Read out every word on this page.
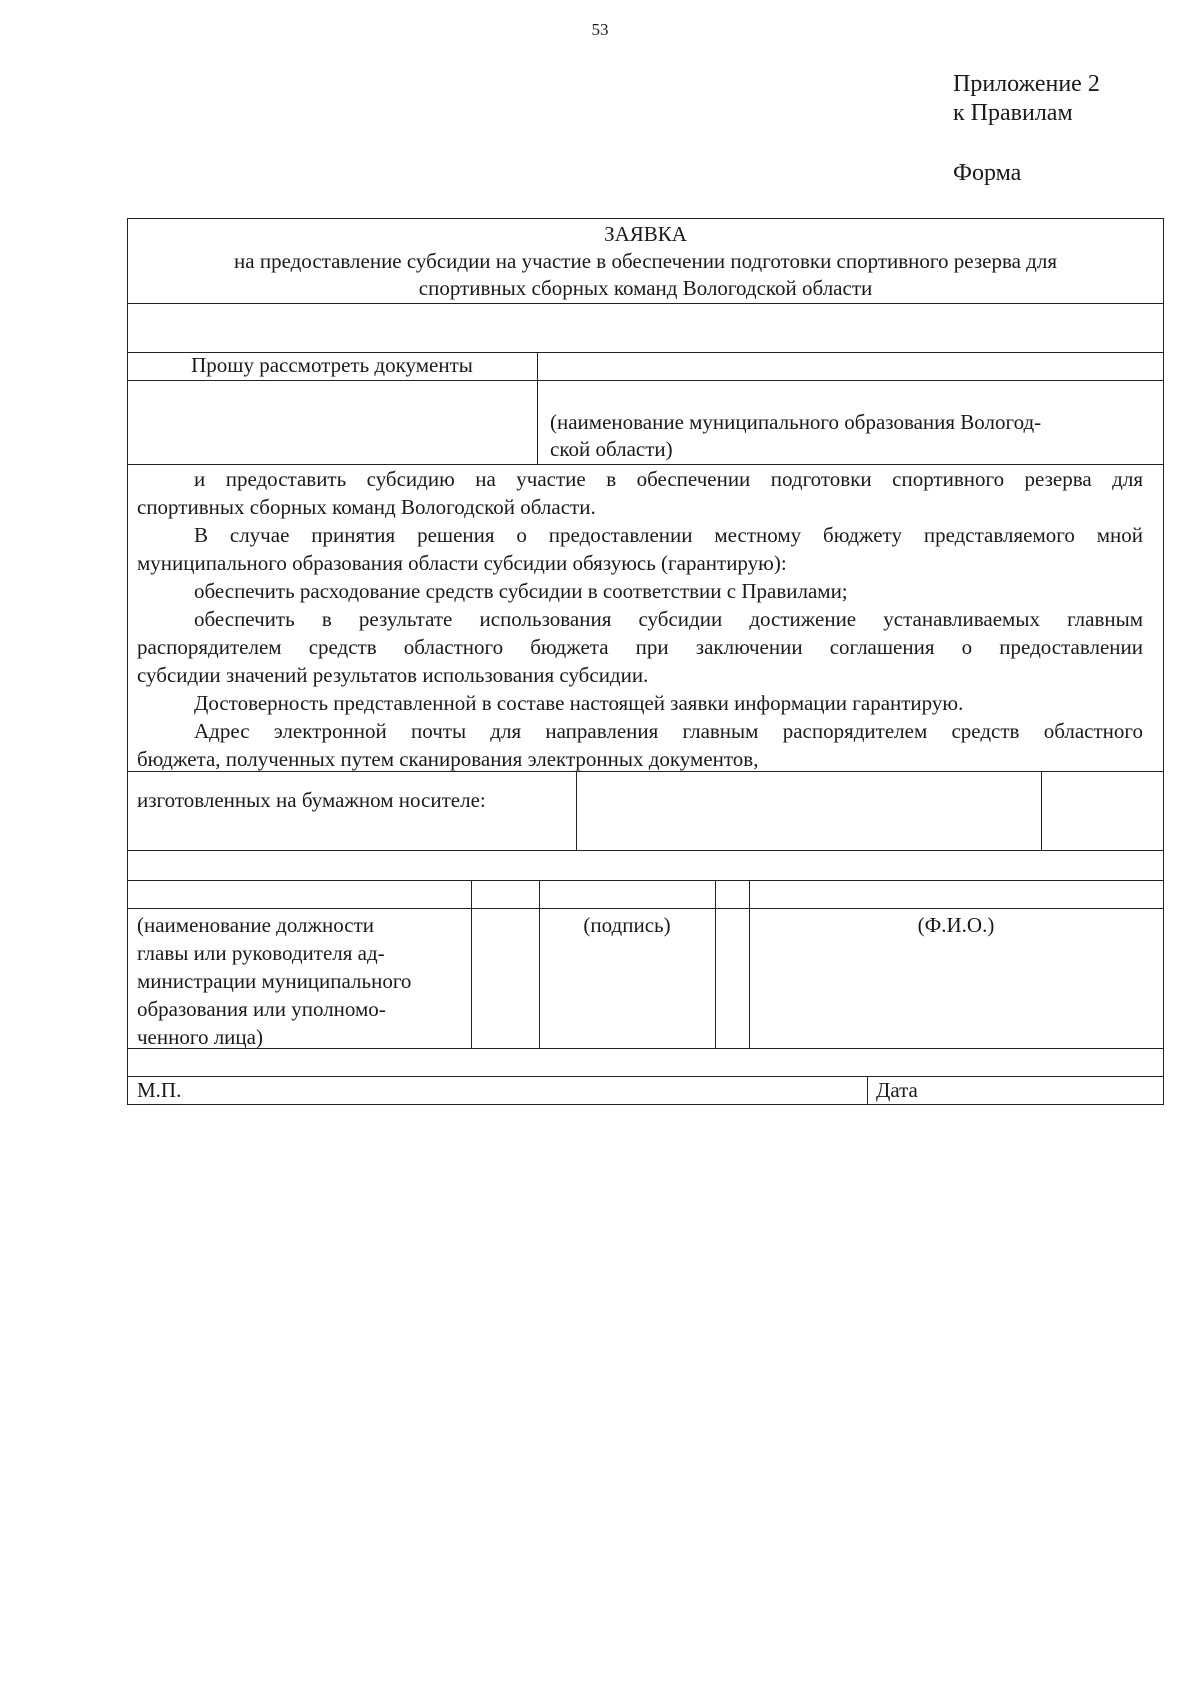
53
Приложение 2
к Правилам
Форма
ЗАЯВКА
на предоставление субсидии на участие в обеспечении подготовки спортивного резерва для
спортивных сборных команд Вологодской области
Прошу рассмотреть документы
(наименование муниципального образования Вологод-
ской области)
и предоставить субсидию на участие в обеспечении подготовки спортивного резерва для
спортивных сборных команд Вологодской области.
В случае принятия решения о предоставлении местному бюджету представляемого мной
муниципального образования области субсидии обязуюсь (гарантирую):
обеспечить расходование средств субсидии в соответствии с Правилами;
обеспечить в результате использования субсидии достижение устанавливаемых главным
распорядителем средств областного бюджета при заключении соглашения о предоставлении
субсидии значений результатов использования субсидии.
Достоверность представленной в составе настоящей заявки информации гарантирую.
Адрес электронной почты для направления главным распорядителем средств областного
бюджета, полученных путем сканирования электронных документов,
изготовленных на бумажном носителе:
(наименование должности
главы или руководителя ад-
министрации муниципального
образования или уполномо-
ченного лица)
(подпись)	(Ф.И.О.)
М.П.	Дата
